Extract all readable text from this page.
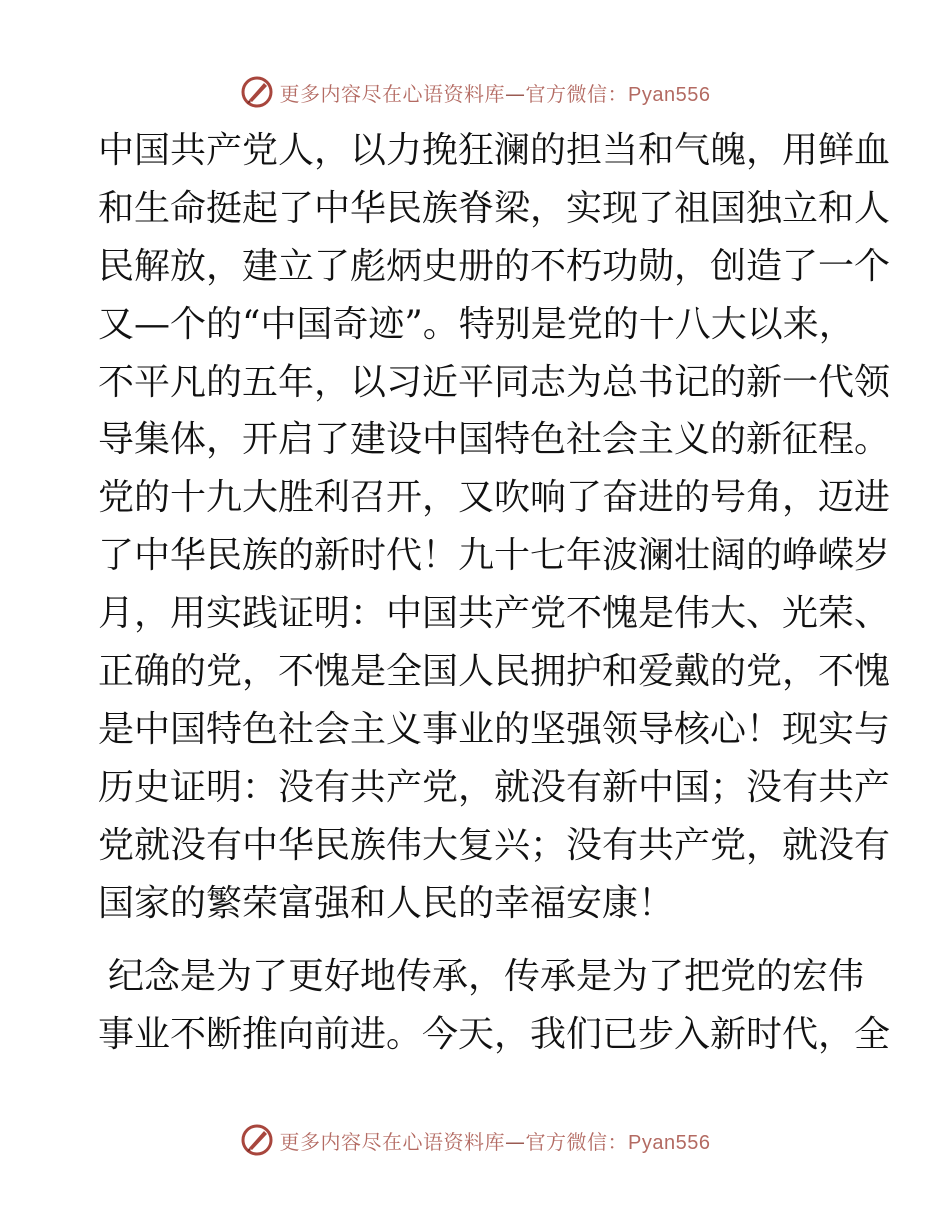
更多内容尽在心语资料库—官方微信：Pyan556
中国共产党人，以力挽狂澜的担当和气魄，用鲜血
和生命挺起了中华民族脊梁，实现了祖国独立和人
民解放，建立了彪炳史册的不朽功勋，创造了一个
又—个的“中国奇迹”。特别是党的十八大以来，
不平凡的五年，以习近平同志为总书记的新一代领
导集体，开启了建设中国特色社会主义的新征程。
党的十九大胜利召开，又吹响了奋进的号角，迈进
了中华民族的新时代！九十七年波澜壮阔的峥嵘岁
月，用实践证明：中国共产党不愧是伟大、光荣、
正确的党，不愧是全国人民拥护和爱戴的党，不愧
是中国特色社会主义事业的坚强领导核心！现实与
历史证明：没有共产党，就没有新中国；没有共产
党就没有中华民族伟大复兴；没有共产党，就没有
国家的繁荣富强和人民的幸福安康！
纪念是为了更好地传承，传承是为了把党的宏伟
事业不断推向前进。今天，我们已步入新时代，全
更多内容尽在心语资料库—官方微信：Pyan556
